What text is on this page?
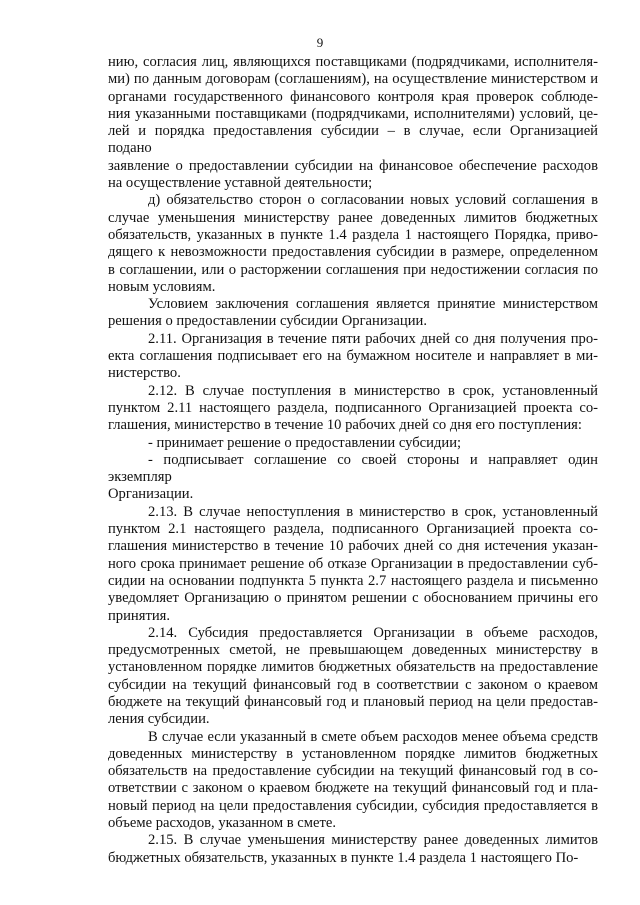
9
нию, согласия лиц, являющихся поставщиками (подрядчиками, исполнителя-
ми) по данным договорам (соглашениям), на осуществление министерством и
органами государственного финансового контроля края проверок соблюде-
ния указанными поставщиками (подрядчиками, исполнителями) условий, це-
лей и порядка предоставления субсидии – в случае, если Организацией подано
заявление о предоставлении субсидии на финансовое обеспечение расходов
на осуществление уставной деятельности;
д) обязательство сторон о согласовании новых условий соглашения в
случае уменьшения министерству ранее доведенных лимитов бюджетных
обязательств, указанных в пункте 1.4 раздела 1 настоящего Порядка, приво-
дящего к невозможности предоставления субсидии в размере, определенном
в соглашении, или о расторжении соглашения при недостижении согласия по
новым условиям.
Условием заключения соглашения является принятие министерством
решения о предоставлении субсидии Организации.
2.11. Организация в течение пяти рабочих дней со дня получения про-
екта соглашения подписывает его на бумажном носителе и направляет в ми-
нистерство.
2.12. В случае поступления в министерство в срок, установленный
пунктом 2.11 настоящего раздела, подписанного Организацией проекта со-
глашения, министерство в течение 10 рабочих дней со дня его поступления:
- принимает решение о предоставлении субсидии;
- подписывает соглашение со своей стороны и направляет один экземпляр
Организации.
2.13. В случае непоступления в министерство в срок, установленный
пунктом 2.1 настоящего раздела, подписанного Организацией проекта со-
глашения министерство в течение 10 рабочих дней со дня истечения указан-
ного срока принимает решение об отказе Организации в предоставлении суб-
сидии на основании подпункта 5 пункта 2.7 настоящего раздела и письменно
уведомляет Организацию о принятом решении с обоснованием причины его
принятия.
2.14. Субсидия предоставляется Организации в объеме расходов,
предусмотренных сметой, не превышающем доведенных министерству в
установленном порядке лимитов бюджетных обязательств на предоставление
субсидии на текущий финансовый год в соответствии с законом о краевом
бюджете на текущий финансовый год и плановый период на цели предостав-
ления субсидии.
В случае если указанный в смете объем расходов менее объема средств
доведенных министерству в установленном порядке лимитов бюджетных
обязательств на предоставление субсидии на текущий финансовый год в со-
ответствии с законом о краевом бюджете на текущий финансовый год и пла-
новый период на цели предоставления субсидии, субсидия предоставляется в
объеме расходов, указанном в смете.
2.15. В случае уменьшения министерству ранее доведенных лимитов
бюджетных обязательств, указанных в пункте 1.4 раздела 1 настоящего По-
